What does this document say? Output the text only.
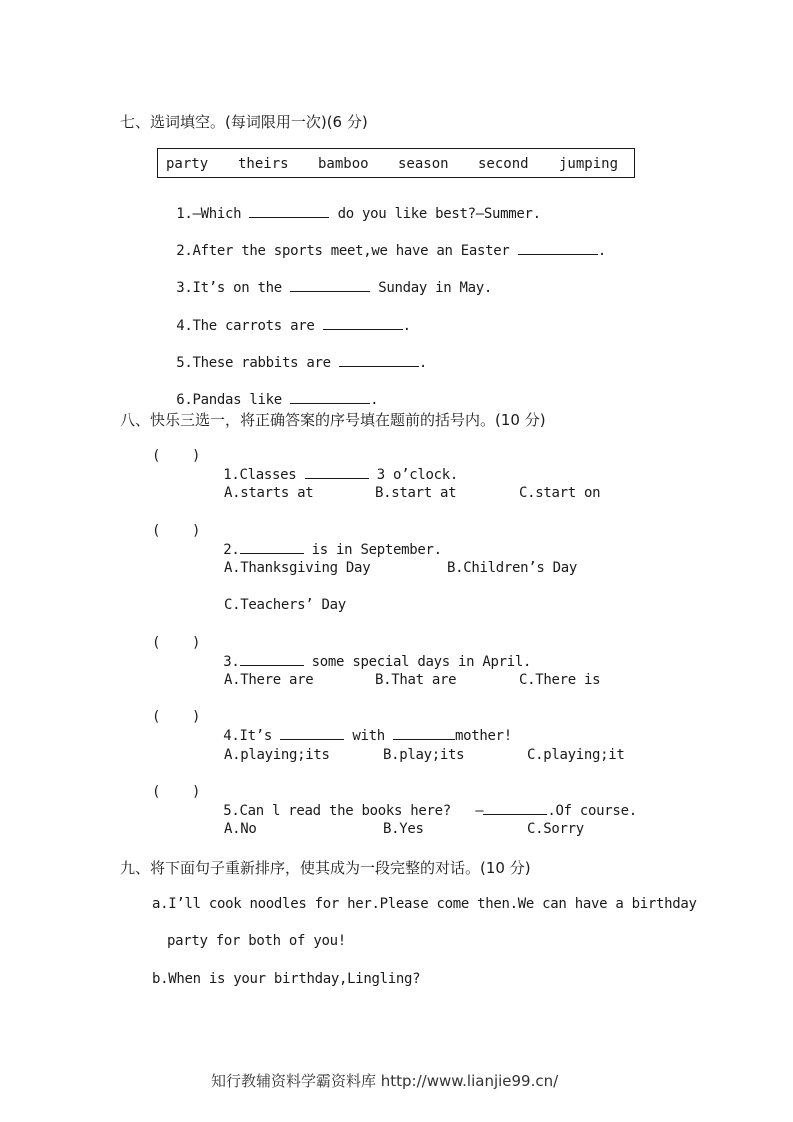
七、选词填空。(每词限用一次)(6 分)
party theirs bamboo season second jumping

1.—Which	do you like best?—Summer.

2.After the sports meet,we have an Easter	.

3.It’s on the	Sunday in May.

4.The carrots are	.

5.These rabbits are	.

6.Pandas like	.

八、快乐三选一，将正确答案的序号填在题前的括号内。(10 分)
( )

1.Classes	3 o’clock.

A.starts at	B.start at	C.start on
( )

2.	is in September.

A.Thanksgiving Day	B.Children’s Day
C.Teachers’ Day
( )

3.	some special days in April.

A.There are	B.That are	C.There is
( )

4.It’s	with	mother!

A.playing;its	B.play;its	C.playing;it
( )

5.Can l read the books here? —	.Of course.

A.No	B.Yes	C.Sorry
九、将下面句子重新排序，使其成为一段完整的对话。(10 分)
a.I’ll cook noodles for her.Please come then.We can have a birthday
party for both of you!
b.When is your birthday,Lingling?
知行教辅资料学霸资料库 http://www.lianjie99.cn/
